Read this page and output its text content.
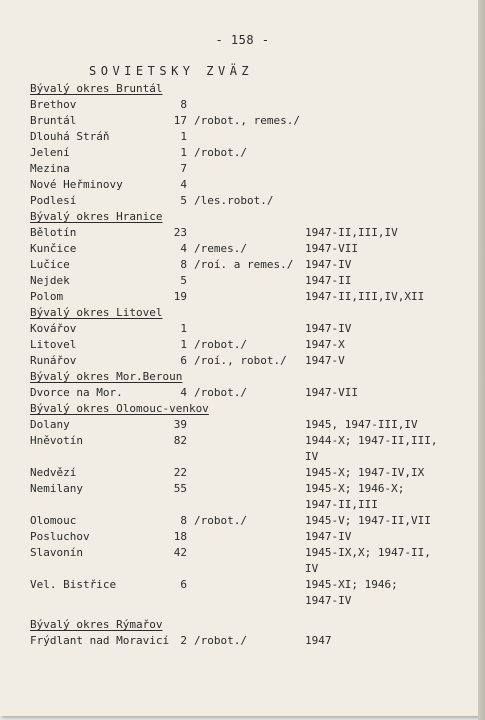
- 158 -
SOVIETSKY ZVÄZ
Bývalý okres Bruntál
Brethov	8
Bruntál	17 /robot., remes./
Dlouhá Stráň	1
Jelení	1 /robot./
Mezina	7
Nové Heřminovy	4
Podlesí	5 /les.robot./
Bývalý okres Hranice
Bělotín	23	1947-II,III,IV
Kunčice	4 /remes./	1947-VII
Lučice	8 /roí. a remes./ 1947-IV
Nejdek	5	1947-II
Polom	19	1947-II,III,IV,XII
Bývalý okres Litovel
Kovářov	1	1947-IV
Litovel	1 /robot./	1947-X
Runářov	6 /roí., robot./ 1947-V
Bývalý okres Mor.Beroun
Dvorce na Mor.	4 /robot./	1947-VII
Bývalý okres Olomouc-venkov
Dolany	39	1945, 1947-III,IV
Hněvotín	82	1944-X; 1947-II,III,
IV
Nedvězí	22	1945-X; 1947-IV,IX
Nemilany	55	1945-X; 1946-X;
1947-II,III
Olomouc	8 /robot./	1945-V; 1947-II,VII
Posluchov	18	1947-IV
Slavonín	42	1945-IX,X; 1947-II,
IV
Vel. Bistřice	6	1945-XI; 1946;
1947-IV
Bývalý okres Rýmařov
Frýdlant nad Moravicí	2 /robot./	1947
